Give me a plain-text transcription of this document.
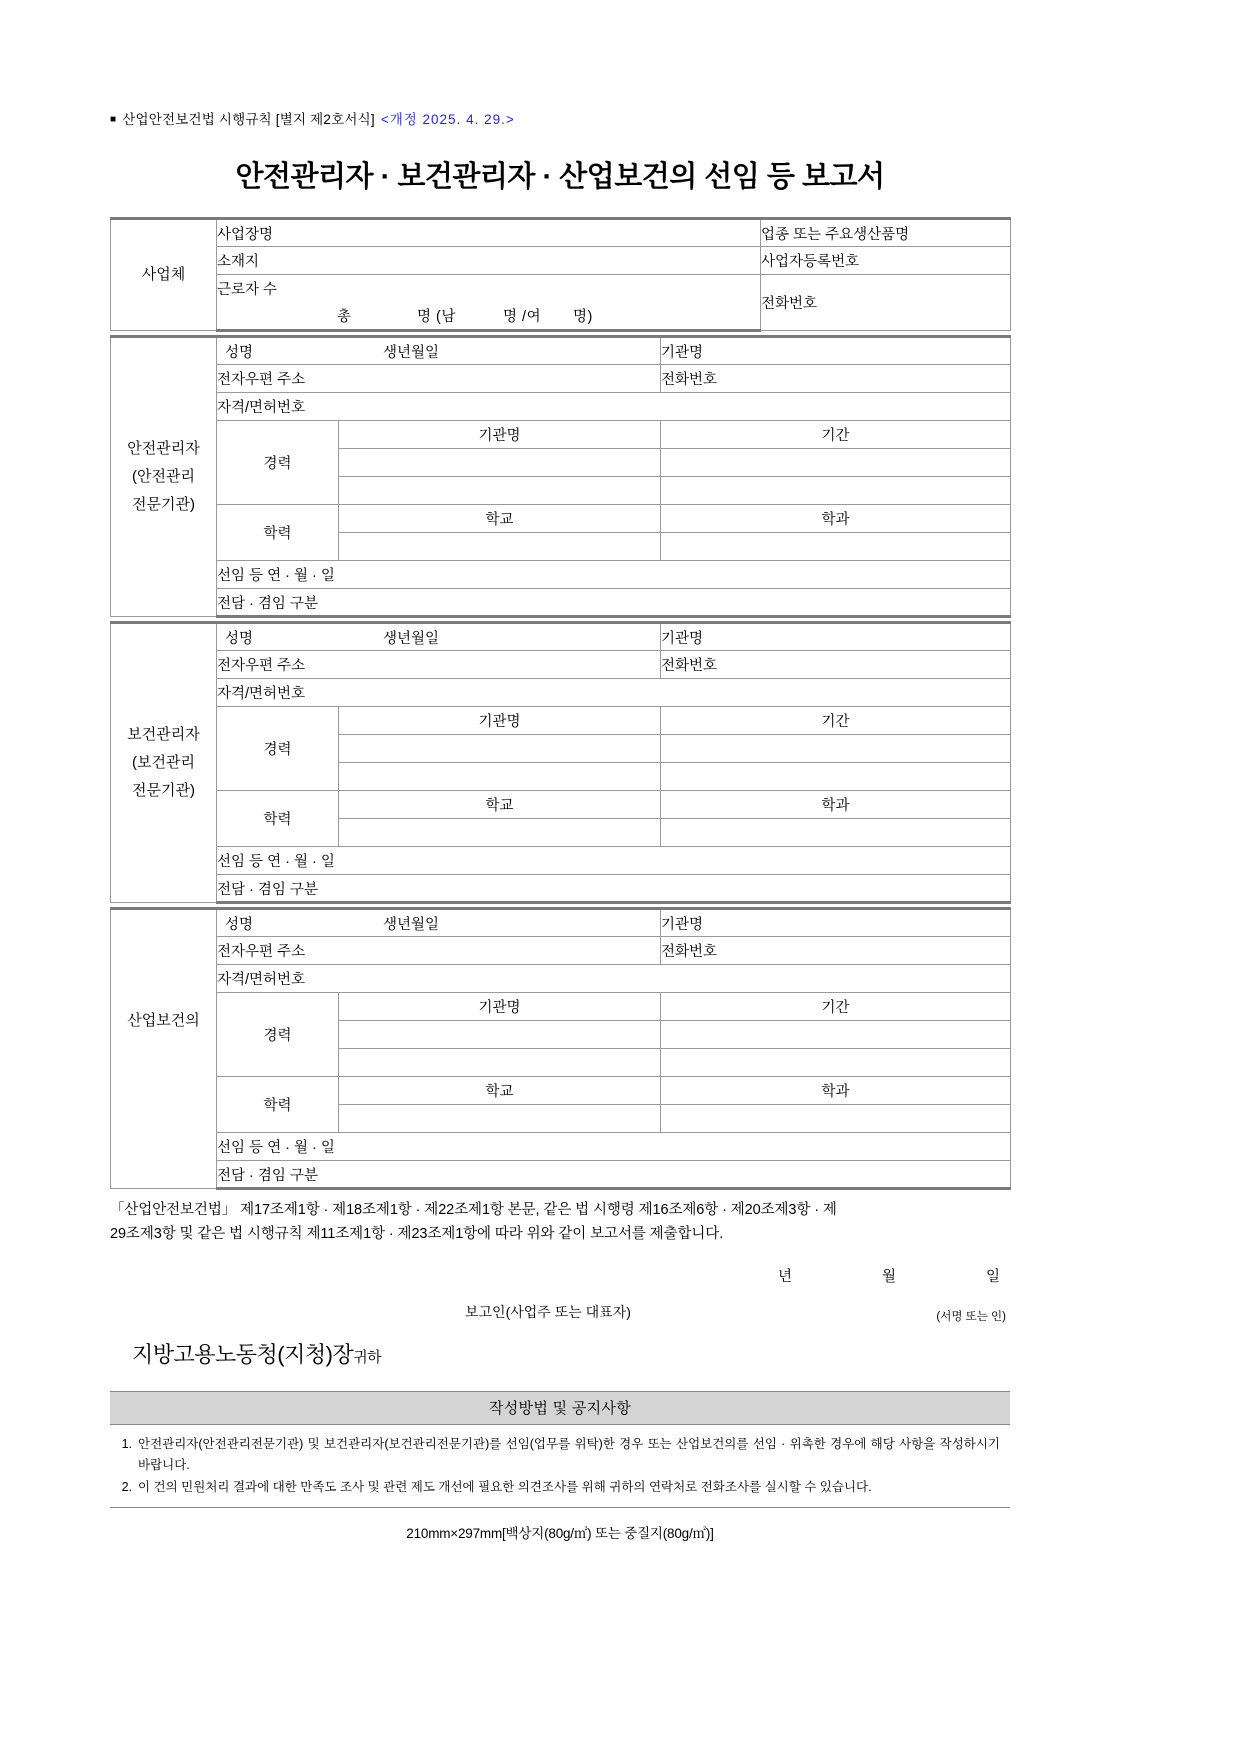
■ 산업안전보건법 시행규칙 [별지 제2호서식] <개정 2025. 4. 29.>
안전관리자 · 보건관리자 · 산업보건의 선임 등 보고서
사업체	사업장명	업종 또는 주요생산품명
	소재지	사업자등록번호
	근로자 수	전화번호

	총 명 (남 명 /여 명)	
안전관리자
(안전관리
전문기관)

성명	생년월일	기관명
	전자우편 주소		전화번호
	자격/면허번호		
	경력	기관명	기간

	학력	학교	학과

	선임 등 연 · 월 · 일		
	전담 · 겸임 구분		
보건관리자
(보건관리
전문기관)

성명	생년월일	기관명
	전자우편 주소		전화번호
	자격/면허번호		
	경력	기관명	기간

	학력	학교	학과

	선임 등 연 · 월 · 일		
	전담 · 겸임 구분		
산업보건의	성명 생년월일		기관명
	전자우편 주소		전화번호
	자격/면허번호		
	경력	기관명	기간

	학력	학교	학과

	선임 등 연 · 월 · 일		
	전담 · 겸임 구분		
「산업안전보건법」 제17조제1항 · 제18조제1항 · 제22조제1항 본문, 같은 법 시행령 제16조제6항 · 제20조제3항 · 제
29조제3항 및 같은 법 시행규칙 제11조제1항 · 제23조제1항에 따라 위와 같이 보고서를 제출합니다.
년	월	일
보고인(사업주 또는 대표자)	(서명 또는 인)
지방고용노동청(지청)장귀하
작성방법 및 공지사항
1. 안전관리자(안전관리전문기관) 및 보건관리자(보건관리전문기관)를 선임(업무를 위탁)한 경우 또는 산업보건의를 선임 · 위촉한 경우에 해당 사항을 작성하시기 바랍니다.
2. 이 건의 민원처리 결과에 대한 만족도 조사 및 관련 제도 개선에 필요한 의견조사를 위해 귀하의 연락처로 전화조사를 실시할 수 있습니다.
210mm×297mm[백상지(80g/㎡) 또는 중질지(80g/㎡)]
